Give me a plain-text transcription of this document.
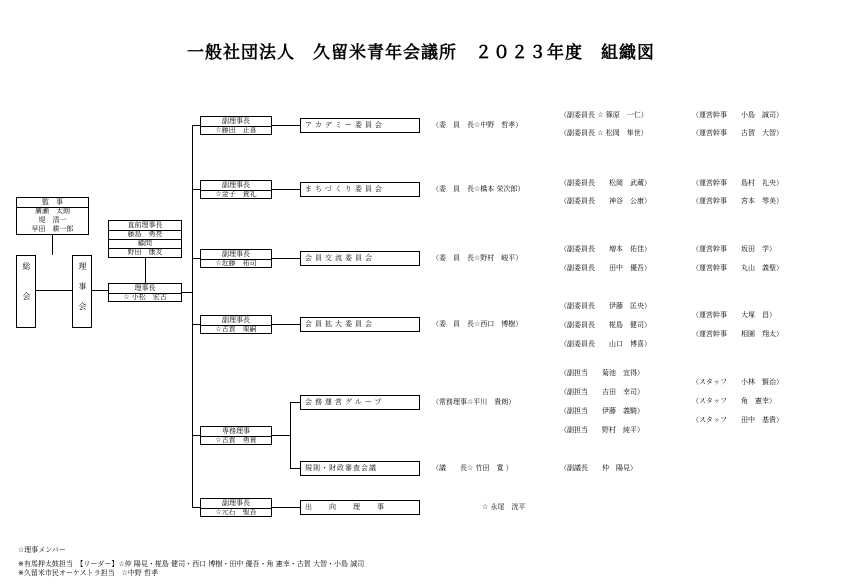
一般社団法人　久留米青年会議所　２０２３年度　組織図
監　事
廣瀬　太朗
堤　清一
早田　耕一郎
総会	理事会
直前理事長
藤島　勇亮
顧問
野田　康友
理事長
☆ 小松　宏古
副理事長
☆藤田　正喜
副理事長
☆金子　貴礼
副理事長
☆近藤　祐司
副理事長
☆古賀　栗嗣
専務理事
☆古賀　勇貴
副理事長
☆元石　聖吾
アカデミー委員会
まちづくり委員会
会員交流委員会
会員拡大委員会
会務運営グループ
規則・財政審査会議
出　向　理　事
（委　員　長☆中野　哲孝）
（委　員　長☆橋本 栄次郎）
（委　員　長☆野村　峻平）
（委　員　長☆西口　博樹）
（常務理事☆平川　貴朗）
（議　　長☆ 竹田　寛 ）
☆ 永尾　洸平
（副委員長 ☆ 篠原　一仁）
（副委員長 ☆ 松岡　隼世）
（副委員長　　松岡　武蔵）
（副委員長　　神谷　公康）
（副委員長　　増本　佑佳）
（副委員長　　田中　優吾）
（副委員長　　伊藤　匡央）
（副委員長　　椛島　健司）
（副委員長　　山口　博喜）
（副担当　　菊池　宜得）
（副担当　　吉田　幸司）
（副担当　　伊藤　義騎）
（副担当　　野村　純平）
（副議長　　仲　陽見）
（運営幹事　　小島　誠司）
（運営幹事　　古賀　大智）
（運営幹事　　島村　礼央）
（運営幹事　　宮本　琴美）
（運営幹事　　坂田　学）
（運営幹事　　丸山　義聖）
（運営幹事　　大塚　昌）
（運営幹事　　相園　翔太）
（スタッフ　　小林　賢治）
（スタッフ　　角　憲幸）
（スタッフ　　田中　基貴）
☆理事メンバー
※有馬押太鼓担当　【リーダー】☆仲 陽見・椛島 健司・西口 博樹・田中 優吾・角 憲幸・古賀 大智・小島 誠司
※久留米市民オーケストラ担当　☆中野 哲孝
